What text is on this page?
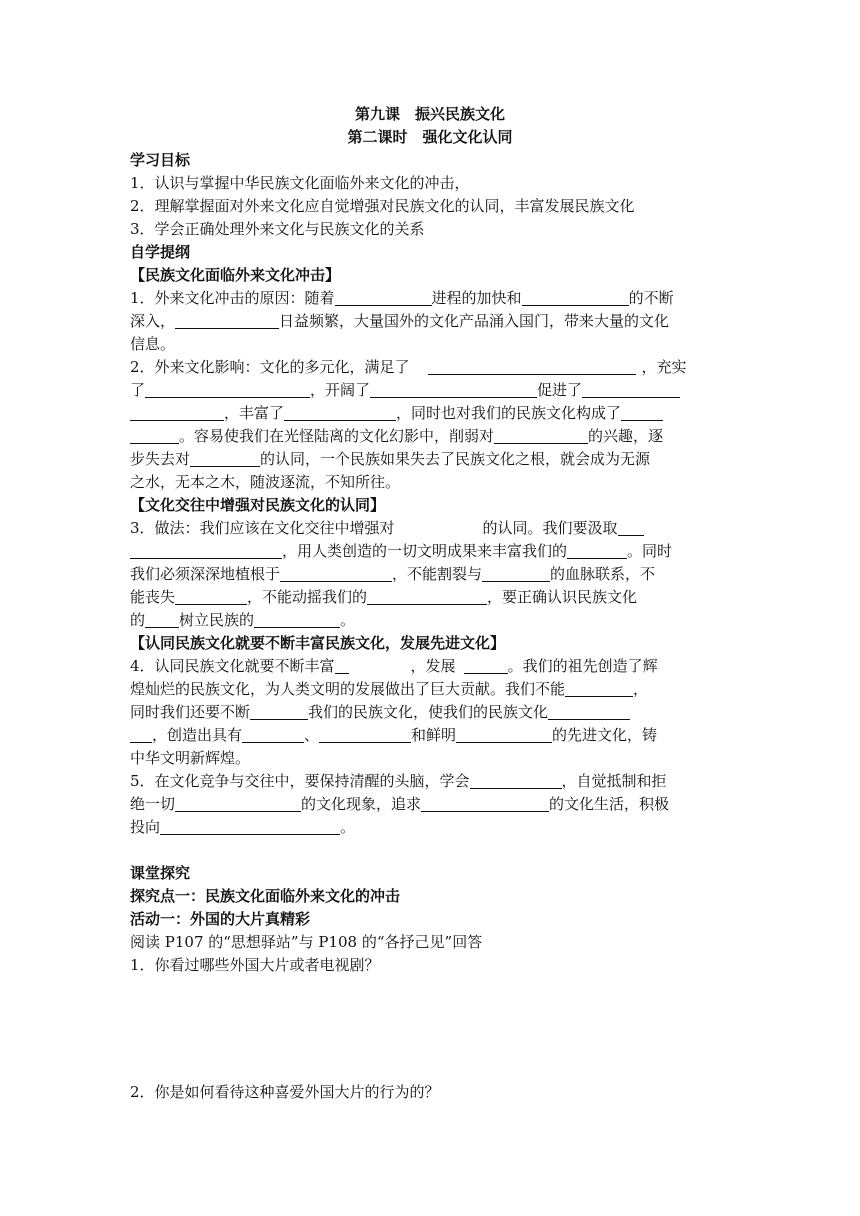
第九课　振兴民族文化
第二课时　强化文化认同
学习目标
1．认识与掌握中华民族文化面临外来文化的冲击，
2．理解掌握面对外来文化应自觉增强对民族文化的认同，丰富发展民族文化
3．学会正确处理外来文化与民族文化的关系
自学提纲
【民族文化面临外来文化冲击】
1．外来文化冲击的原因：随着	进程的加快和	的不断
深入，	日益频繁，大量国外的文化产品涌入国门，带来大量的文化
信息。
2．外来文化影响：文化的多元化，满足了	，充实
了	，开阔了	促进了
，丰富了	，同时也对我们的民族文化构成了
。容易使我们在光怪陆离的文化幻影中，削弱对	的兴趣，逐
步失去对	的认同，一个民族如果失去了民族文化之根，就会成为无源
之水，无本之木，随波逐流，不知所往。
【文化交往中增强对民族文化的认同】
3．做法：我们应该在文化交往中增强对	的认同。我们要汲取
，用人类创造的一切文明成果来丰富我们的	。同时
我们必须深深地植根于	，不能割裂与	的血脉联系，不
能丧失	，不能动摇我们的	，要正确认识民族文化
的 树立民族的	。
【认同民族文化就要不断丰富民族文化，发展先进文化】
4．认同民族文化就要不断丰富	，发展	。我们的祖先创造了辉
煌灿烂的民族文化，为人类文明的发展做出了巨大贡献。我们不能	，
同时我们还要不断	我们的民族文化，使我们的民族文化
，创造出具有	、	和鲜明	的先进文化，铸
中华文明新辉煌。
5．在文化竞争与交往中，要保持清醒的头脑，学会	，自觉抵制和拒
绝一切	的文化现象，追求	的文化生活，积极
投向	。
课堂探究
探究点一：民族文化面临外来文化的冲击
活动一：外国的大片真精彩
阅读 P107 的“思想驿站”与 P108 的“各抒己见”回答
1．你看过哪些外国大片或者电视剧？
2．你是如何看待这种喜爱外国大片的行为的？
